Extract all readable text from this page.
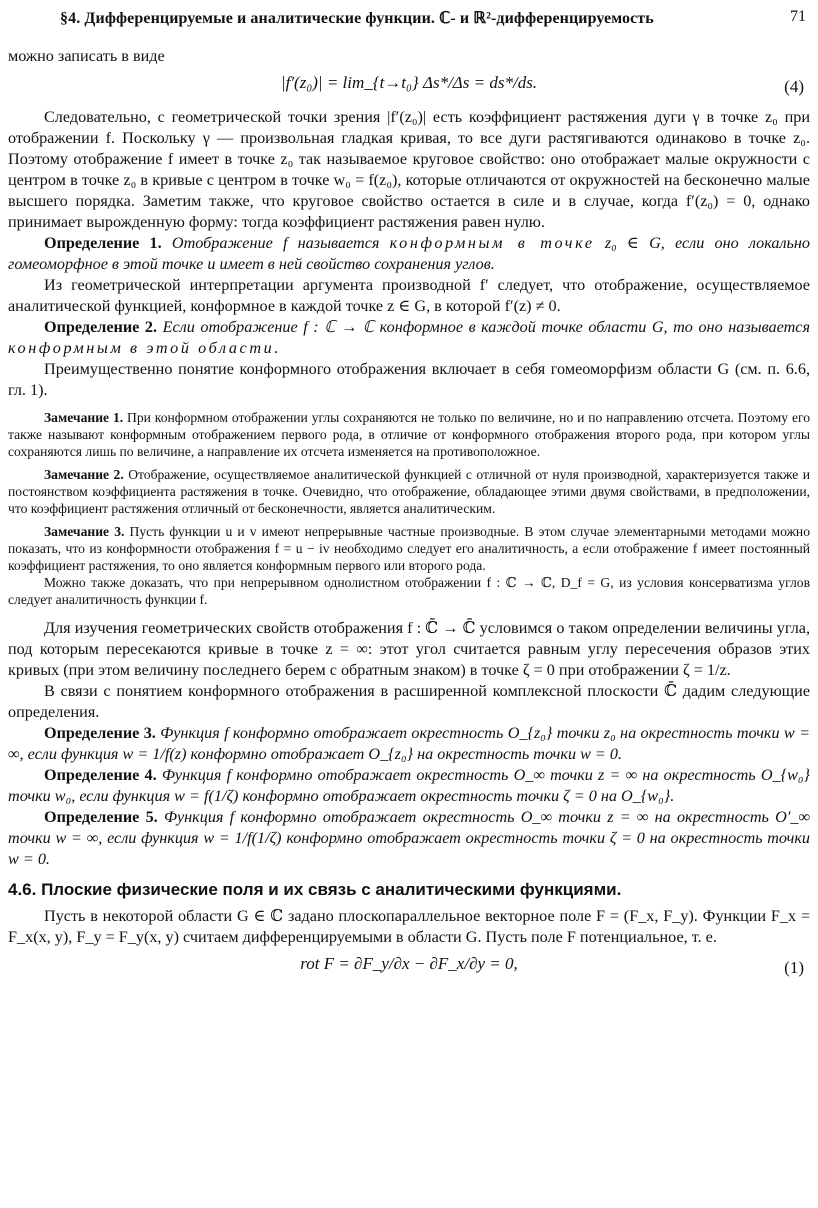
§4. Дифференцируемые и аналитические функции. ℂ- и ℝ²-дифференцируемость	71

можно записать в виде

|f′(z₀)| = lim_{t→t₀} Δs*/Δs = ds*/ds.	(4)

Следовательно, с геометрической точки зрения |f′(z₀)| есть коэффициент растяжения дуги γ в точке z₀ при отображении f. Поскольку γ — произвольная гладкая кривая, то все дуги растягиваются одинаково в точке z₀. Поэтому отображение f имеет в точке z₀ так называемое круговое свойство: оно отображает малые окружности с центром в точке z₀ в кривые с центром в точке w₀ = f(z₀), которые отличаются от окружностей на бесконечно малые высшего порядка. Заметим также, что круговое свойство остается в силе и в случае, когда f′(z₀) = 0, однако принимает вырожденную форму: тогда коэффициент растяжения равен нулю.

Определение 1. Отображение f называется конформным в точке z₀ ∈ G, если оно локально гомеоморфное в этой точке и имеет в ней свойство сохранения углов.

Из геометрической интерпретации аргумента производной f′ следует, что отображение, осуществляемое аналитической функцией, конформное в каждой точке z ∈ G, в которой f′(z) ≠ 0.

Определение 2. Если отображение f : ℂ → ℂ конформное в каждой точке области G, то оно называется конформным в этой области.

Преимущественно понятие конформного отображения включает в себя гомеоморфизм области G (см. п. 6.6, гл. 1).

Замечание 1. При конформном отображении углы сохраняются не только по величине, но и по направлению отсчета. Поэтому его также называют конформным отображением первого рода, в отличие от конформного отображения второго рода, при котором углы сохраняются лишь по величине, а направление их отсчета изменяется на противоположное.

Замечание 2. Отображение, осуществляемое аналитической функцией с отличной от нуля производной, характеризуется также и постоянством коэффициента растяжения в точке. Очевидно, что отображение, обладающее этими двумя свойствами, в предположении, что коэффициент растяжения отличный от бесконечности, является аналитическим.

Замечание 3. Пусть функции u и v имеют непрерывные частные производные. В этом случае элементарными методами можно показать, что из конформности отображения f = u − iv необходимо следует его аналитичность, а если отображение f имеет постоянный коэффициент растяжения, то оно является конформным первого или второго рода.

Можно также доказать, что при непрерывном однолистном отображении f : ℂ → ℂ, D_f = G, из условия консерватизма углов следует аналитичность функции f.

Для изучения геометрических свойств отображения f : ℂ̄ → ℂ̄ условимся о таком определении величины угла, под которым пересекаются кривые в точке z = ∞: этот угол считается равным углу пересечения образов этих кривых (при этом величину последнего берем с обратным знаком) в точке ζ = 0 при отображении ζ = 1/z.

В связи с понятием конформного отображения в расширенной комплексной плоскости ℂ̄ дадим следующие определения.

Определение 3. Функция f конформно отображает окрестность O_{z₀} точки z₀ на окрестность точки w = ∞, если функция w = 1/f(z) конформно отображает O_{z₀} на окрестность точки w = 0.

Определение 4. Функция f конформно отображает окрестность O_∞ точки z = ∞ на окрестность O_{w₀} точки w₀, если функция w = f(1/ζ) конформно отображает окрестность точки ζ = 0 на O_{w₀}.

Определение 5. Функция f конформно отображает окрестность O_∞ точки z = ∞ на окрестность O′_∞ точки w = ∞, если функция w = 1/f(1/ζ) конформно отображает окрестность точки ζ = 0 на окрестность точки w = 0.

4.6. Плоские физические поля и их связь с аналитическими функциями.

Пусть в некоторой области G ∈ ℂ задано плоскопараллельное векторное поле F = (F_x, F_y). Функции F_x = F_x(x, y), F_y = F_y(x, y) считаем дифференцируемыми в области G. Пусть поле F потенциальное, т. е.

rot F = ∂F_y/∂x − ∂F_x/∂y = 0,	(1)
